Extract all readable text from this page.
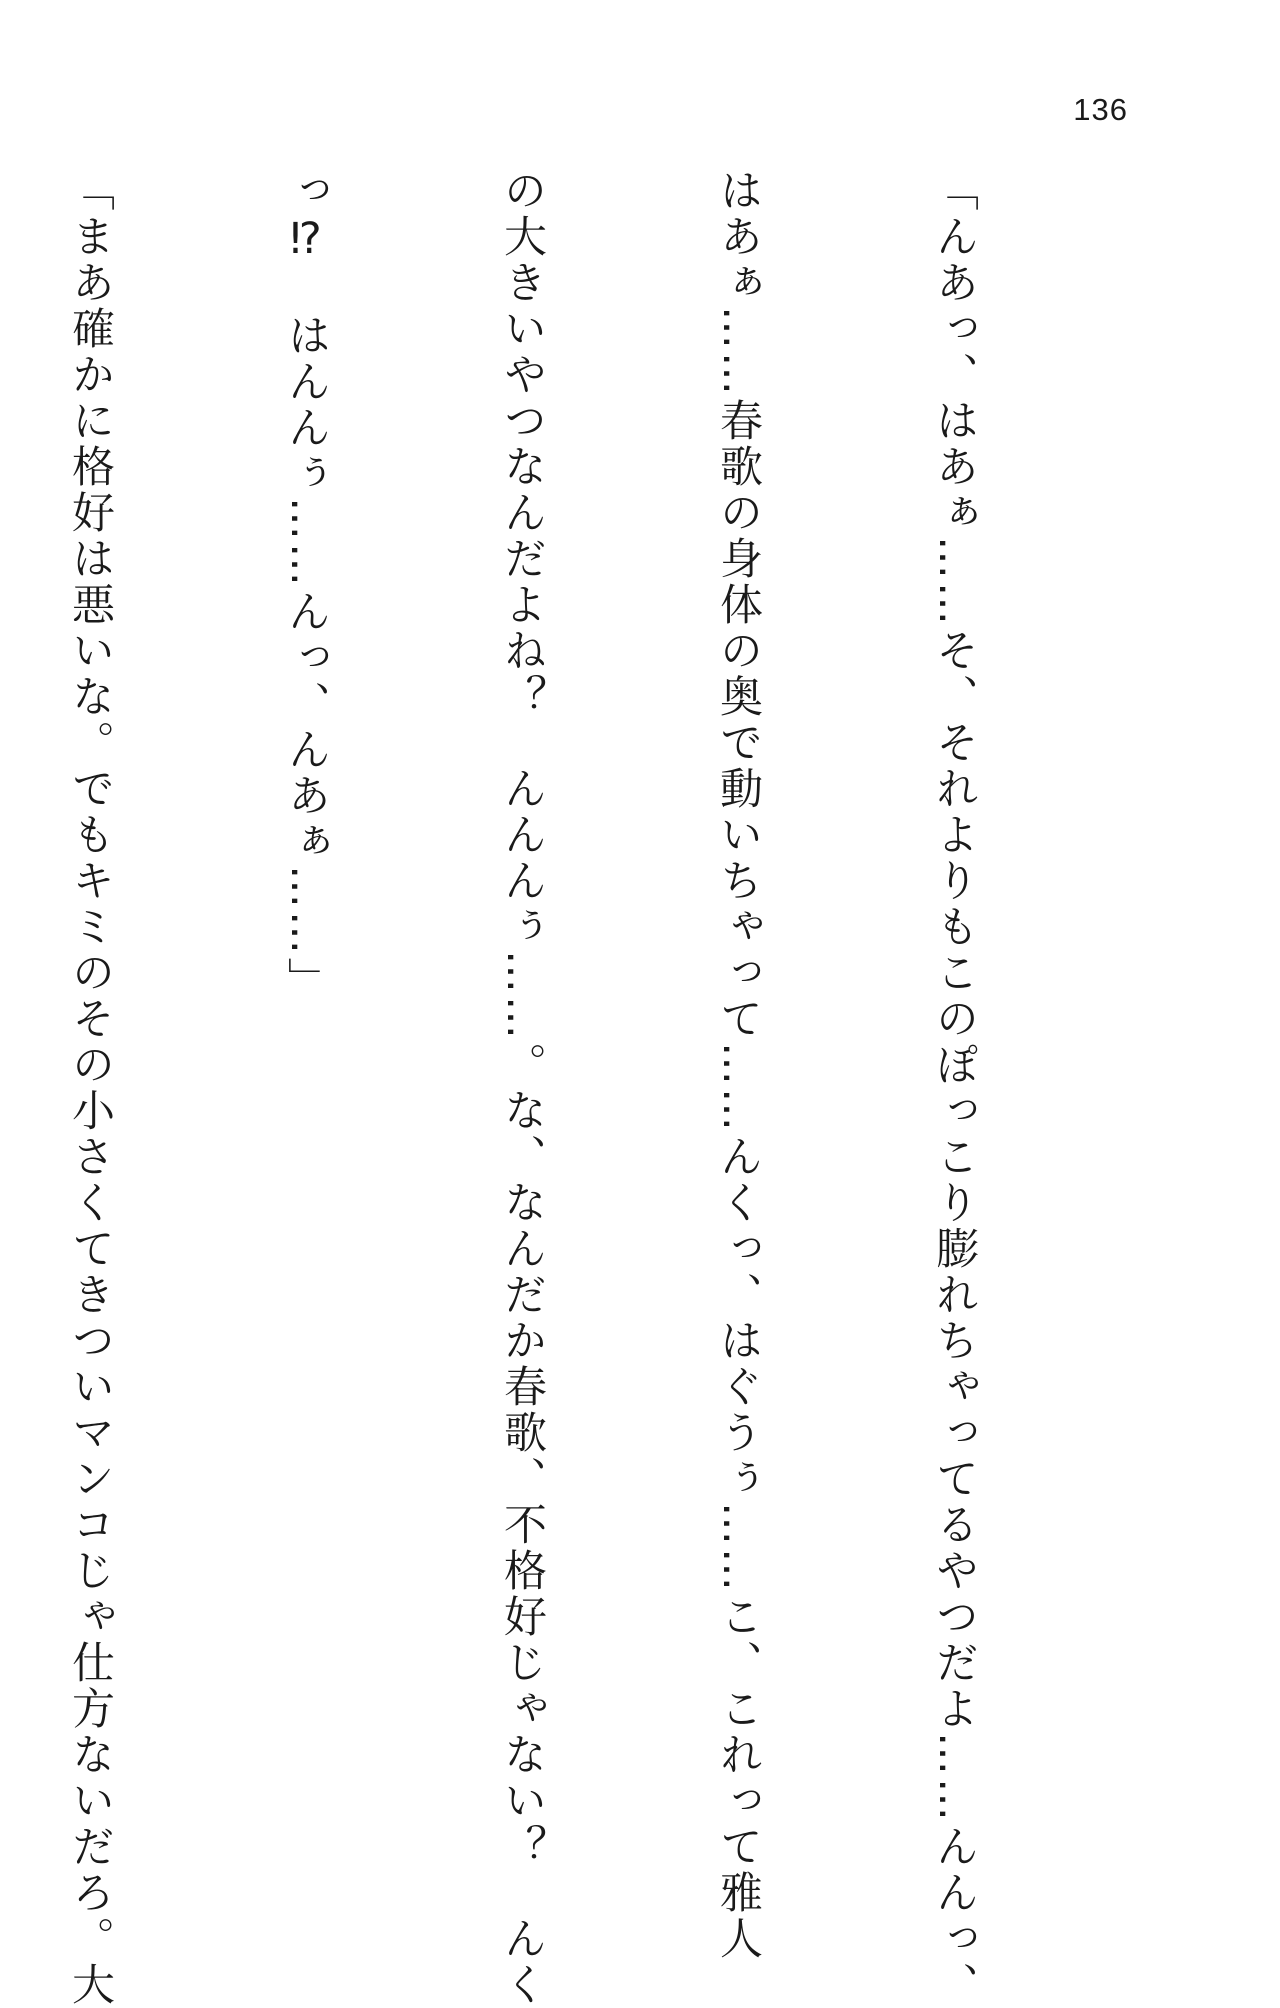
136

「んあっ、はあぁ……そ、それよりもこのぽっこり膨れちゃってるやつだよ……んんっ、

はあぁ……春歌の身体の奥で動いちゃって……んくっ、はぐうぅ……こ、これって雅人

の大きいやつなんだよね？　んんんぅ……。な、なんだか春歌、不格好じゃない？　んく

っ⁉　はんんぅ……んっ、んあぁ……」

「まあ確かに格好は悪いな。でもキミのその小さくてきついマンコじゃ仕方ないだろ。大
